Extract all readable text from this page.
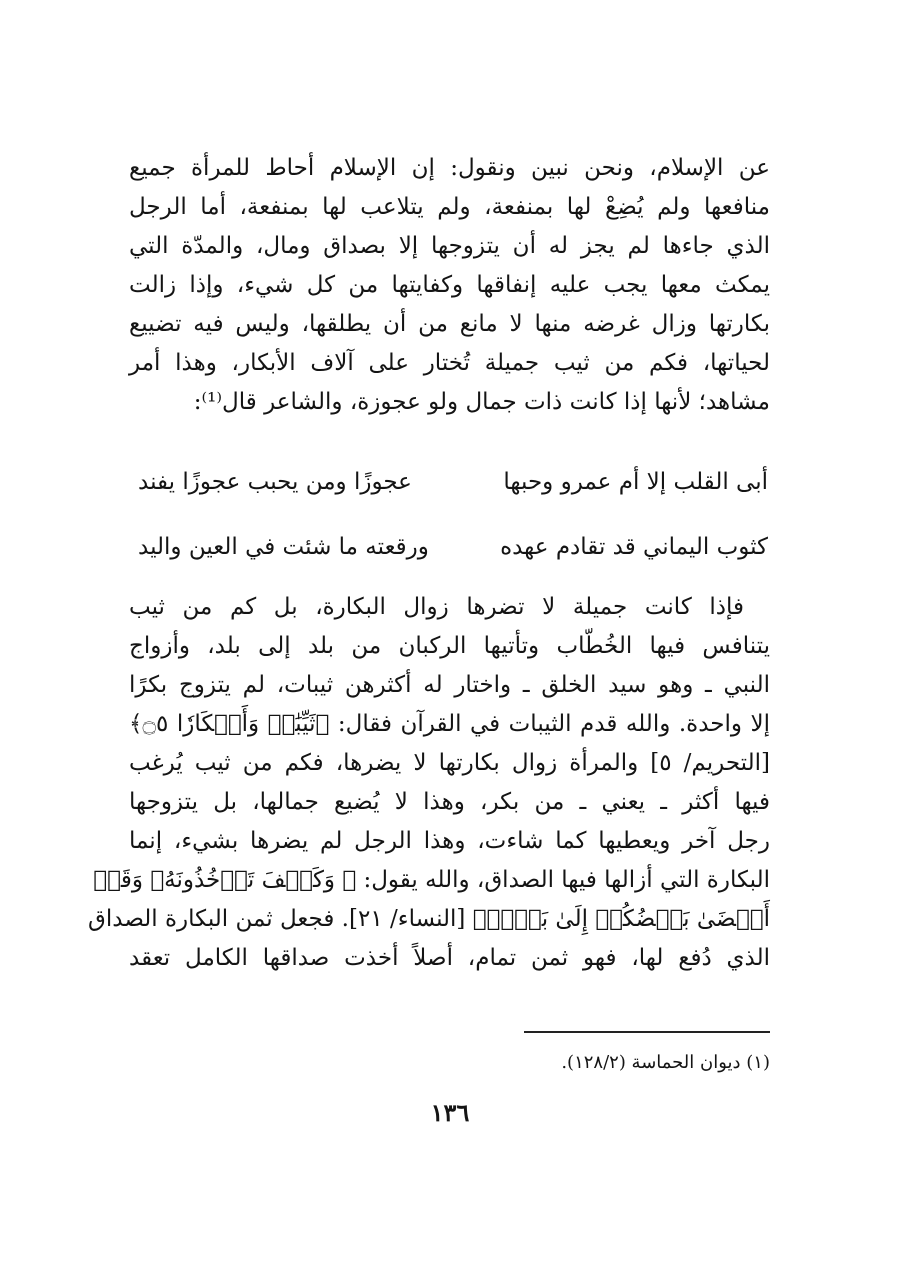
عن الإسلام، ونحن نبين ونقول: إن الإسلام أحاط للمرأة جميع
منافعها ولم يُضِعْ لها بمنفعة، ولم يتلاعب لها بمنفعة، أما الرجل
الذي جاءها لم يجز له أن يتزوجها إلا بصداق ومال، والمدّة التي
يمكث معها يجب عليه إنفاقها وكفايتها من كل شيء، وإذا زالت
بكارتها وزال غرضه منها لا مانع من أن يطلقها، وليس فيه تضييع
لحياتها، فكم من ثيب جميلة تُختار على آلاف الأبكار، وهذا أمر
مشاهد؛ لأنها إذا كانت ذات جمال ولو عجوزة، والشاعر قال⁽¹⁾:
أبى القلب إلا أم عمرو وحبها
عجوزًا ومن يحبب عجوزًا يفند
كثوب اليماني قد تقادم عهده
ورقعته ما شئت في العين واليد
فإذا كانت جميلة لا تضرها زوال البكارة، بل كم من ثيب
يتنافس فيها الخُطّاب وتأتيها الركبان من بلد إلى بلد، وأزواج
النبي ـ وهو سيد الخلق ـ واختار له أكثرهن ثيبات، لم يتزوج بكرًا
إلا واحدة. والله قدم الثيبات في القرآن فقال: ﴿ثَيِّبَٰتٖ وَأَبۡكَارٗا ۝٥﴾
[التحريم/ ٥] والمرأة زوال بكارتها لا يضرها، فكم من ثيب يُرغب
فيها أكثر ـ يعني ـ من بكر، وهذا لا يُضيع جمالها، بل يتزوجها
رجل آخر ويعطيها كما شاءت، وهذا الرجل لم يضرها بشيء، إنما
البكارة التي أزالها فيها الصداق، والله يقول: ﴿ وَكَيۡفَ تَأۡخُذُونَهُۥ وَقَدۡ
أَفۡضَىٰ بَعۡضُكُمۡ إِلَىٰ بَعۡضٖ﴾ [النساء/ ٢١]. فجعل ثمن البكارة الصداق
الذي دُفع لها، فهو ثمن تمام، أصلاً أخذت صداقها الكامل تعقد
(١) ديوان الحماسة (١٢٨/٢).
١٣٦
